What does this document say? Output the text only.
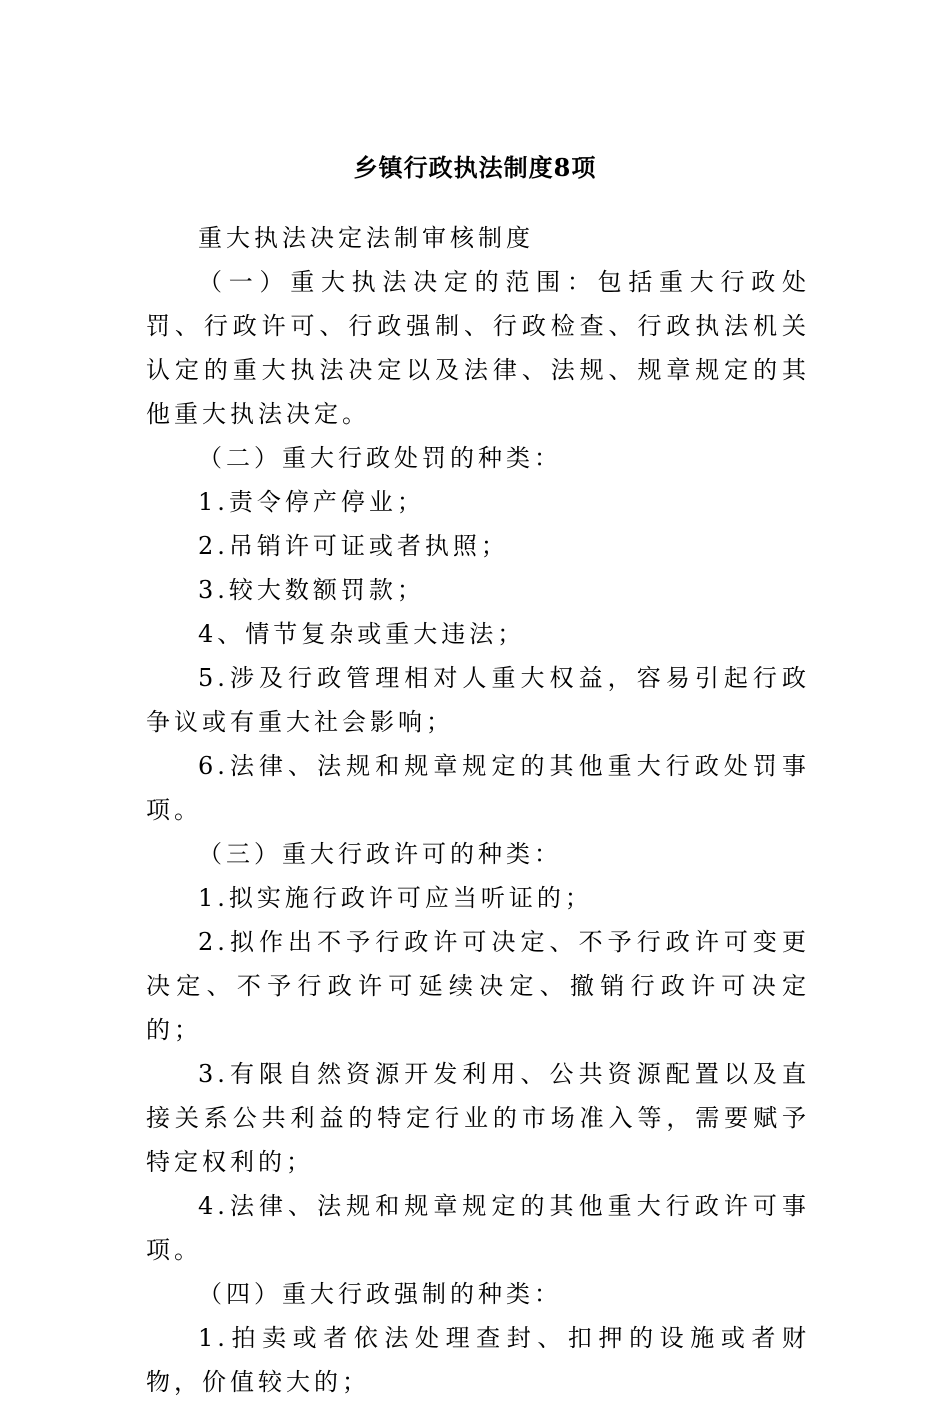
乡镇行政执法制度8项

重大执法决定法制审核制度

（一）重大执法决定的范围：包括重大行政处罚、行政许可、行政强制、行政检查、行政执法机关认定的重大执法决定以及法律、法规、规章规定的其他重大执法决定。

（二）重大行政处罚的种类：

1.责令停产停业；

2.吊销许可证或者执照；

3.较大数额罚款；

4、情节复杂或重大违法；

5.涉及行政管理相对人重大权益，容易引起行政争议或有重大社会影响；

6.法律、法规和规章规定的其他重大行政处罚事项。

（三）重大行政许可的种类：

1.拟实施行政许可应当听证的；

2.拟作出不予行政许可决定、不予行政许可变更决定、不予行政许可延续决定、撤销行政许可决定的；

3.有限自然资源开发利用、公共资源配置以及直接关系公共利益的特定行业的市场准入等，需要赋予特定权利的；

4.法律、法规和规章规定的其他重大行政许可事项。

（四）重大行政强制的种类：

1.拍卖或者依法处理查封、扣押的设施或者财物，价值较大的；
